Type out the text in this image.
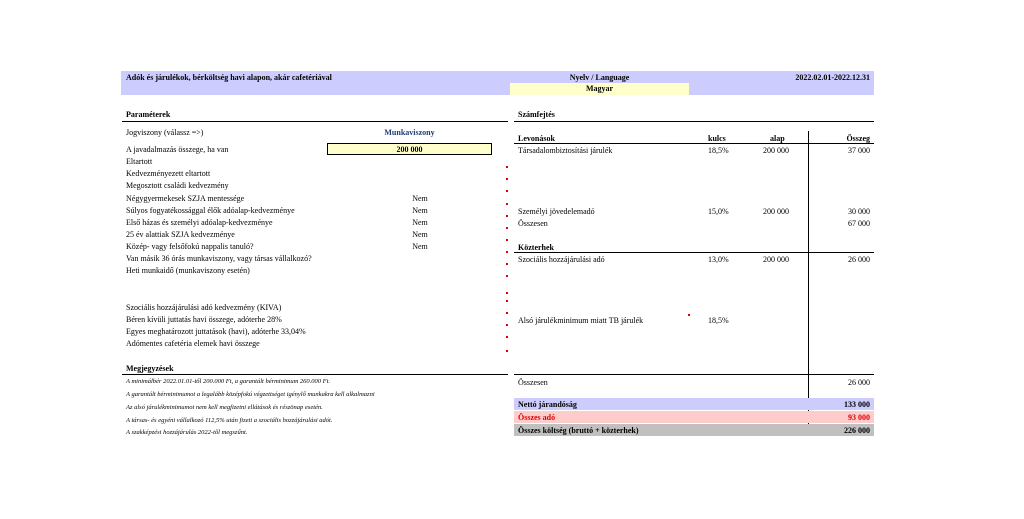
Adók és járulékok, bérköltség havi alapon, akár cafetériával	Nyelv / Language
Magyar
2022.02.01-2022.12.31
Paraméterek
Jogviszony (válassz =>)	Munkaviszony
A javadalmazás összege, ha van	200 000
Eltartott
Kedvezményezett eltartott
Megosztott családi kedvezmény
Négygyermekesek SZJA mentessége	Nem
Súlyos fogyatékossággal élők adóalap-kedvezménye	Nem
Első házas és személyi adóalap-kedvezménye	Nem
25 év alattiak SZJA kedvezménye	Nem
Közép- vagy felsőfokú nappalis tanuló?	Nem
Van másik 36 órás munkaviszony, vagy társas vállalkozó?
Heti munkaidő (munkaviszony esetén)
Szociális hozzájárulási adó kedvezmény (KIVA)
Béren kívüli juttatás havi összege, adóterhe 28%
Egyes meghatározott juttatások (havi), adóterhe 33,04%
Adómentes cafetéria elemek havi összege
Megjegyzések
A minimálbér 2022.01.01-től 200.000 Ft, a garantált bérminimum 260.000 Ft.
A garantált bérminimumot a legalább középfokú végzettséget igénylő munkakra kell alkalmazni
Az alsó járulékminimumot nem kell megfizetni ellátások és részönap esetén.
A társas- és egyéni vállalkozó 112,5% után fizeti a szociális hozzájárulási adót.
A szakképzési hozzájárulás 2022-től megszűnt.
Számfejtés
Levonások	kulcs	alap	Összeg
Társadalombiztosítási járulék	18,5%	200 000	37 000
Személyi jövedelemadó	15,0%	200 000	30 000
Összesen	67 000
Közterhek
Szociális hozzájárulási adó	13,0%	200 000	26 000
Alsó járulékminimum miatt TB járulék	18,5%
Összesen	26 000
Nettó járandóság	133 000
Összes adó	93 000
Összes költség (bruttó + közterhek)	226 000
